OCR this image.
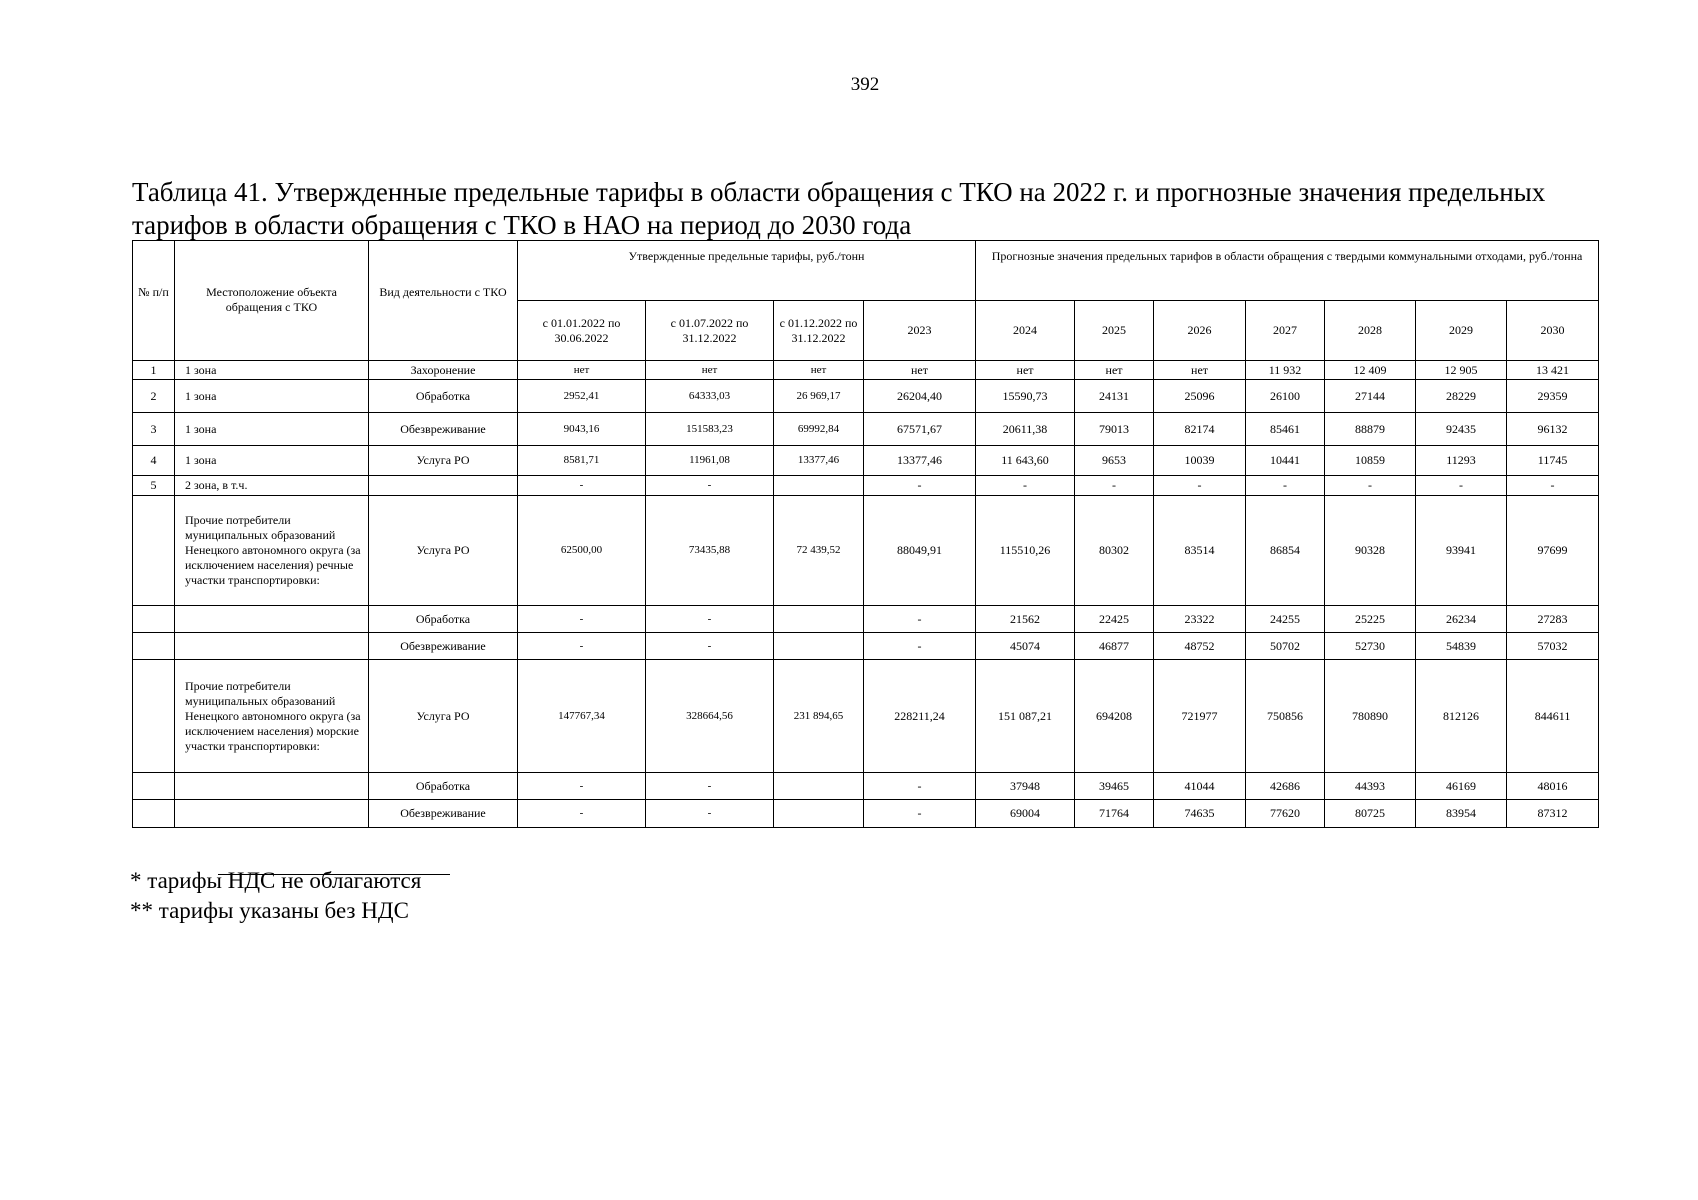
392
Таблица 41. Утвержденные предельные тарифы в области обращения с ТКО на 2022 г. и прогнозные значения предельных
тарифов в области обращения с ТКО в НАО на период до 2030 года
№ п/п	Местоположение объекта обращения с ТКО	Вид деятельности с ТКО	Утвержденные предельные тарифы, руб./тонн				Прогнозные значения предельных тарифов в области обращения с твердыми коммунальными отходами, руб./тонна						
			с 01.01.2022 по 30.06.2022	с 01.07.2022 по 31.12.2022	с 01.12.2022 по 31.12.2022	2023	2024	2025	2026	2027	2028	2029	2030
1	1 зона	Захоронение	нет	нет	нет	нет	нет	нет	нет	11 932	12 409	12 905	13 421
2	1 зона	Обработка	2952,41	64333,03	26 969,17	26204,40	15590,73	24131	25096	26100	27144	28229	29359
3	1 зона	Обезвреживание	9043,16	151583,23	69992,84	67571,67	20611,38	79013	82174	85461	88879	92435	96132
4	1 зона	Услуга РО	8581,71	11961,08	13377,46	13377,46	11 643,60	9653	10039	10441	10859	11293	11745
5	2 зона, в т.ч.		-	-		-	-	-	-	-	-	-	-
	Прочие потребители муниципальных образований Ненецкого автономного округа (за исключением населения) речные участки транспортировки:	Услуга РО	62500,00	73435,88	72 439,52	88049,91	115510,26	80302	83514	86854	90328	93941	97699
		Обработка	-	-		-	21562	22425	23322	24255	25225	26234	27283
		Обезвреживание	-	-		-	45074	46877	48752	50702	52730	54839	57032
	Прочие потребители муниципальных образований Ненецкого автономного округа (за исключением населения) морские участки транспортировки:	Услуга РО	147767,34	328664,56	231 894,65	228211,24	151 087,21	694208	721977	750856	780890	812126	844611
		Обработка	-	-		-	37948	39465	41044	42686	44393	46169	48016
		Обезвреживание	-	-		-	69004	71764	74635	77620	80725	83954	87312
* тарифы НДС не облагаются
** тарифы указаны без НДС
